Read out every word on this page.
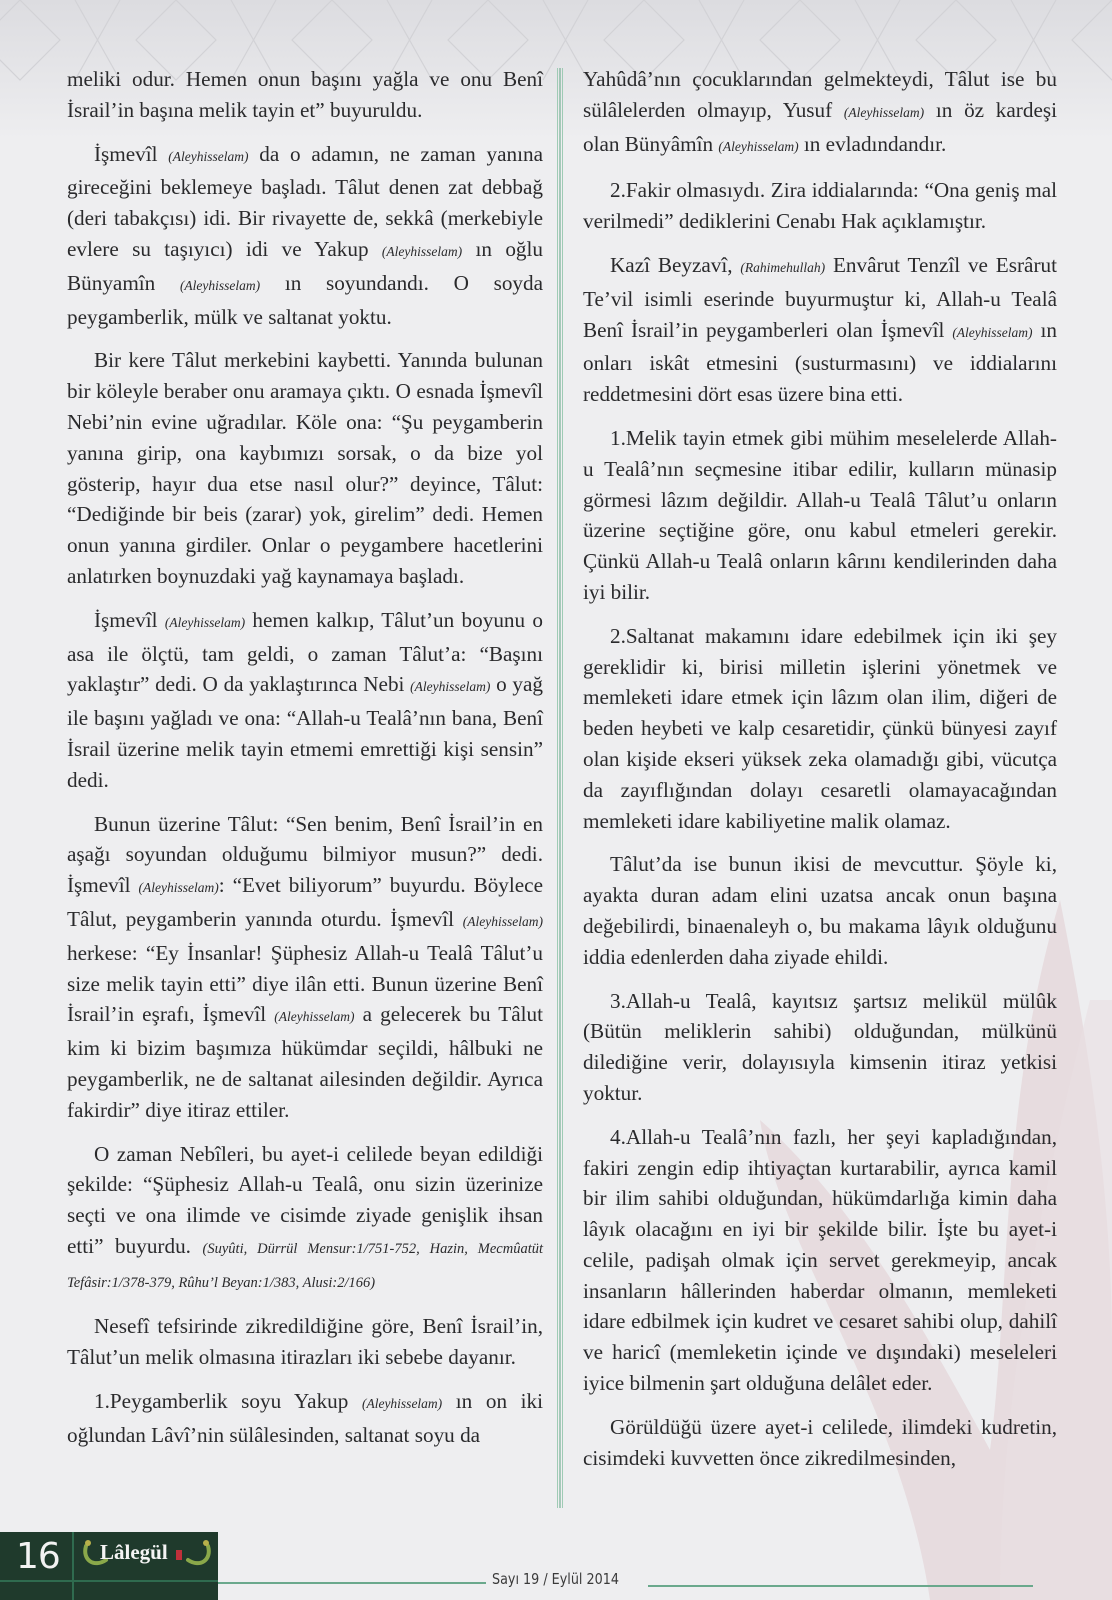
meliki odur. Hemen onun başını yağla ve onu Benî İsrail’in başına melik tayin et” buyuruldu.

İşmevîl (Aleyhisselam) da o adamın, ne zaman yanına gireceğini beklemeye başladı. Tâlut denen zat debbağ (deri tabakçısı) idi. Bir rivayette de, sekkâ (merkebiyle evlere su taşıyıcı) idi ve Yakup (Aleyhisselam) ın oğlu Bünyamîn (Aleyhisselam) ın soyundandı. O soyda peygamberlik, mülk ve saltanat yoktu.

Bir kere Tâlut merkebini kaybetti. Yanında bulunan bir köleyle beraber onu aramaya çıktı. O esnada İşmevîl Nebi’nin evine uğradılar. Köle ona: “Şu peygamberin yanına girip, ona kaybımızı sorsak, o da bize yol gösterip, hayır dua etse nasıl olur?” deyince, Tâlut: “Dediğinde bir beis (zarar) yok, girelim” dedi. Hemen onun yanına girdiler. Onlar o peygambere hacetlerini anlatırken boynuzdaki yağ kaynamaya başladı.

İşmevîl (Aleyhisselam) hemen kalkıp, Tâlut’un boyunu o asa ile ölçtü, tam geldi, o zaman Tâlut’a: “Başını yaklaştır” dedi. O da yaklaştırınca Nebi (Aleyhisselam) o yağ ile başını yağladı ve ona: “Allah-u Tealâ’nın bana, Benî İsrail üzerine melik tayin etmemi emrettiği kişi sensin” dedi.

Bunun üzerine Tâlut: “Sen benim, Benî İsrail’in en aşağı soyundan olduğumu bilmiyor musun?” dedi. İşmevîl (Aleyhisselam): “Evet biliyorum” buyurdu. Böylece Tâlut, peygamberin yanında oturdu. İşmevîl (Aleyhisselam) herkese: “Ey İnsanlar! Şüphesiz Allah-u Tealâ Tâlut’u size melik tayin etti” diye ilân etti. Bunun üzerine Benî İsrail’in eşrafı, İşmevîl (Aleyhisselam) a gelecerek bu Tâlut kim ki bizim başımıza hükümdar seçildi, hâlbuki ne peygamberlik, ne de saltanat ailesinden değildir. Ayrıca fakirdir” diye itiraz ettiler.

O zaman Nebîleri, bu ayet-i celilede beyan edildiği şekilde: “Şüphesiz Allah-u Tealâ, onu sizin üzerinize seçti ve ona ilimde ve cisimde ziyade genişlik ihsan etti” buyurdu. (Suyûti, Dürrül Mensur:1/751-752, Hazin, Mecmûatüt Tefâsir:1/378-379, Rûhu’l Beyan:1/383, Alusi:2/166)

Nesefî tefsirinde zikredildiğine göre, Benî İsrail’in, Tâlut’un melik olmasına itirazları iki sebebe dayanır.

1.Peygamberlik soyu Yakup (Aleyhisselam) ın on iki oğlundan Lâvî’nin sülâlesinden, saltanat soyu da

Yahûdâ’nın çocuklarından gelmekteydi, Tâlut ise bu sülâlelerden olmayıp, Yusuf (Aleyhisselam) ın öz kardeşi olan Bünyâmîn (Aleyhisselam) ın evladındandır.

2.Fakir olmasıydı. Zira iddialarında: “Ona geniş mal verilmedi” dediklerini Cenabı Hak açıklamıştır.

Kazî Beyzavî, (Rahimehullah) Envârut Tenzîl ve Esrârut Te’vil isimli eserinde buyurmuştur ki, Allah-u Tealâ Benî İsrail’in peygamberleri olan İşmevîl (Aleyhisselam) ın onları iskât etmesini (susturmasını) ve iddialarını reddetmesini dört esas üzere bina etti.

1.Melik tayin etmek gibi mühim meselelerde Allah-u Tealâ’nın seçmesine itibar edilir, kulların münasip görmesi lâzım değildir. Allah-u Tealâ Tâlut’u onların üzerine seçtiğine göre, onu kabul etmeleri gerekir. Çünkü Allah-u Tealâ onların kârını kendilerinden daha iyi bilir.

2.Saltanat makamını idare edebilmek için iki şey gereklidir ki, birisi milletin işlerini yönetmek ve memleketi idare etmek için lâzım olan ilim, diğeri de beden heybeti ve kalp cesaretidir, çünkü bünyesi zayıf olan kişide ekseri yüksek zeka olamadığı gibi, vücutça da zayıflığından dolayı cesaretli olamayacağından memleketi idare kabiliyetine malik olamaz.

Tâlut’da ise bunun ikisi de mevcuttur. Şöyle ki, ayakta duran adam elini uzatsa ancak onun başına değebilirdi, binaenaleyh o, bu makama lâyık olduğunu iddia edenlerden daha ziyade ehildi.

3.Allah-u Tealâ, kayıtsız şartsız melikül mülûk (Bütün meliklerin sahibi) olduğundan, mülkünü dilediğine verir, dolayısıyla kimsenin itiraz yetkisi yoktur.

4.Allah-u Tealâ’nın fazlı, her şeyi kapladığından, fakiri zengin edip ihtiyaçtan kurtarabilir, ayrıca kamil bir ilim sahibi olduğundan, hükümdarlığa kimin daha lâyık olacağını en iyi bir şekilde bilir. İşte bu ayet-i celile, padişah olmak için servet gerekmeyip, ancak insanların hâllerinden haberdar olmanın, memleketi idare edbilmek için kudret ve cesaret sahibi olup, dahilî ve haricî (memleketin içinde ve dışındaki) meseleleri iyice bilmenin şart olduğuna delâlet eder.

Görüldüğü üzere ayet-i celilede, ilimdeki kudretin, cisimdeki kuvvetten önce zikredilmesinden,

16	Lâlegül
Sayı 19 / Eylül 2014
